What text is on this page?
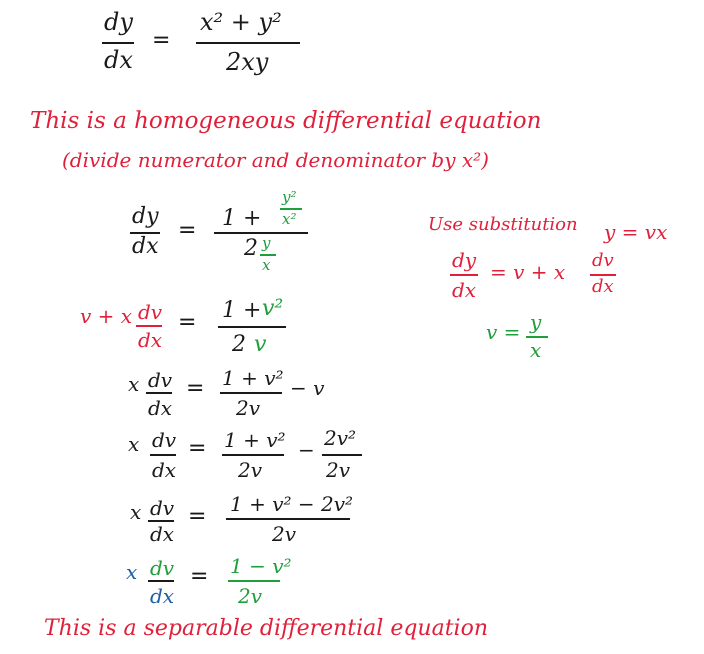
dy
dx
=
x² + y²
2xy
This is a homogeneous differential equation
(divide numerator and denominator by x²)
dy
dx
= 1 +
y²
x²
2 y
x
Use substitution y = vx
dy
dx
= v + x dv
dx
v = y
x
v + x dv
dx
= 1 + v²
2 v
x dv
dx
= 1 + v²
2v
− v
x dv
dx
= 1 + v²
2v
− 2v²
2v
x dv
dx
= 1 + v² − 2v²
2v
x dv
dx
= 1 − v²
2v
This is a separable differential equation
